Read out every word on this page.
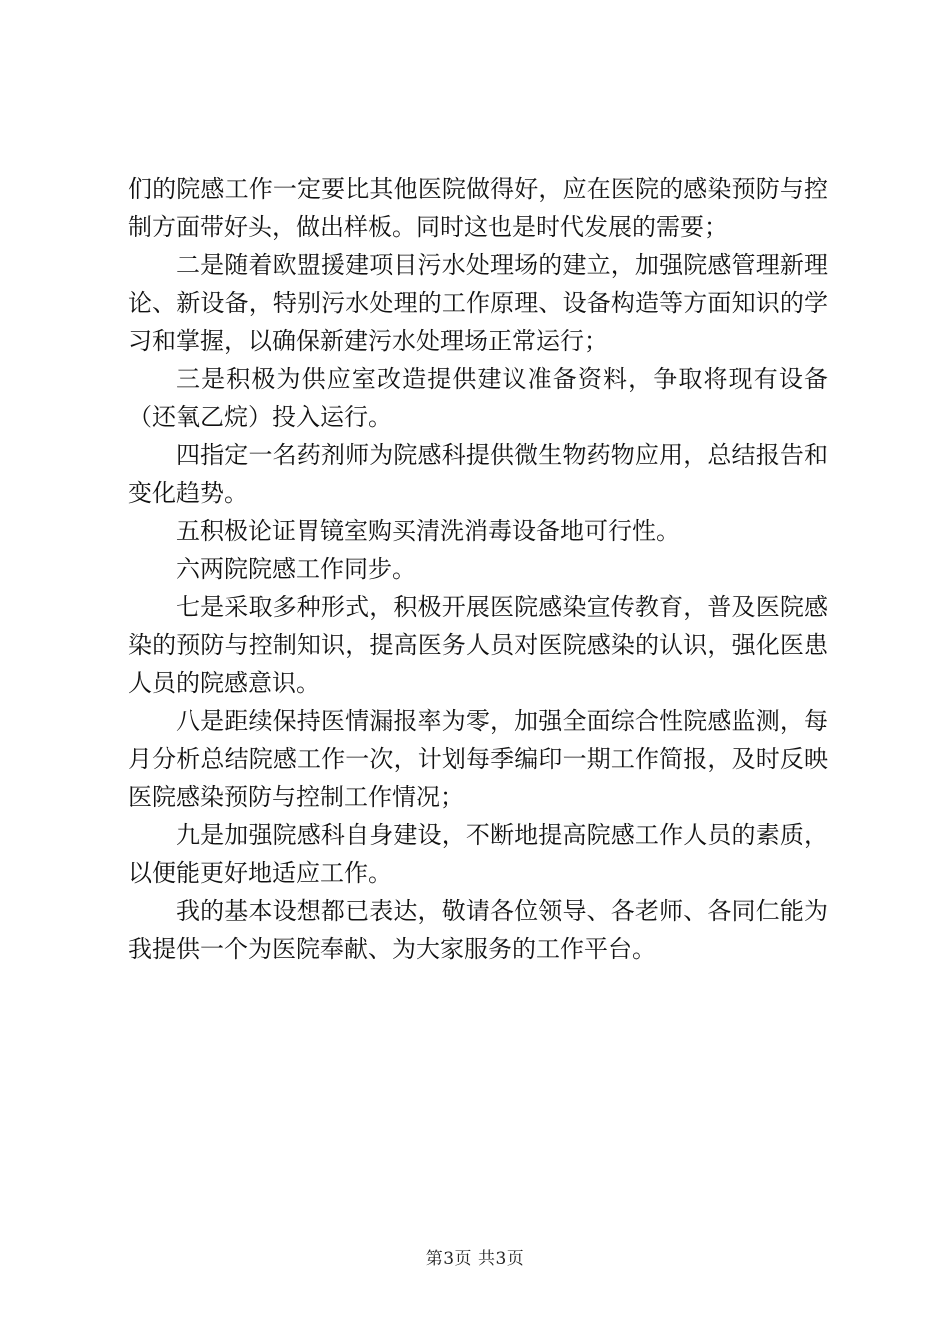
们的院感工作一定要比其他医院做得好，应在医院的感染预防与控制方面带好头，做出样板。同时这也是时代发展的需要；

二是随着欧盟援建项目污水处理场的建立，加强院感管理新理论、新设备，特别污水处理的工作原理、设备构造等方面知识的学习和掌握，以确保新建污水处理场正常运行；

三是积极为供应室改造提供建议准备资料，争取将现有设备（还氧乙烷）投入运行。

四指定一名药剂师为院感科提供微生物药物应用，总结报告和变化趋势。

五积极论证胃镜室购买清洗消毒设备地可行性。

六两院院感工作同步。

七是采取多种形式，积极开展医院感染宣传教育，普及医院感染的预防与控制知识，提高医务人员对医院感染的认识，强化医患人员的院感意识。

八是距续保持医情漏报率为零，加强全面综合性院感监测，每月分析总结院感工作一次，计划每季编印一期工作简报，及时反映医院感染预防与控制工作情况；

九是加强院感科自身建设，不断地提高院感工作人员的素质，以便能更好地适应工作。

我的基本设想都已表达，敬请各位领导、各老师、各同仁能为我提供一个为医院奉献、为大家服务的工作平台。

第3页 共3页
